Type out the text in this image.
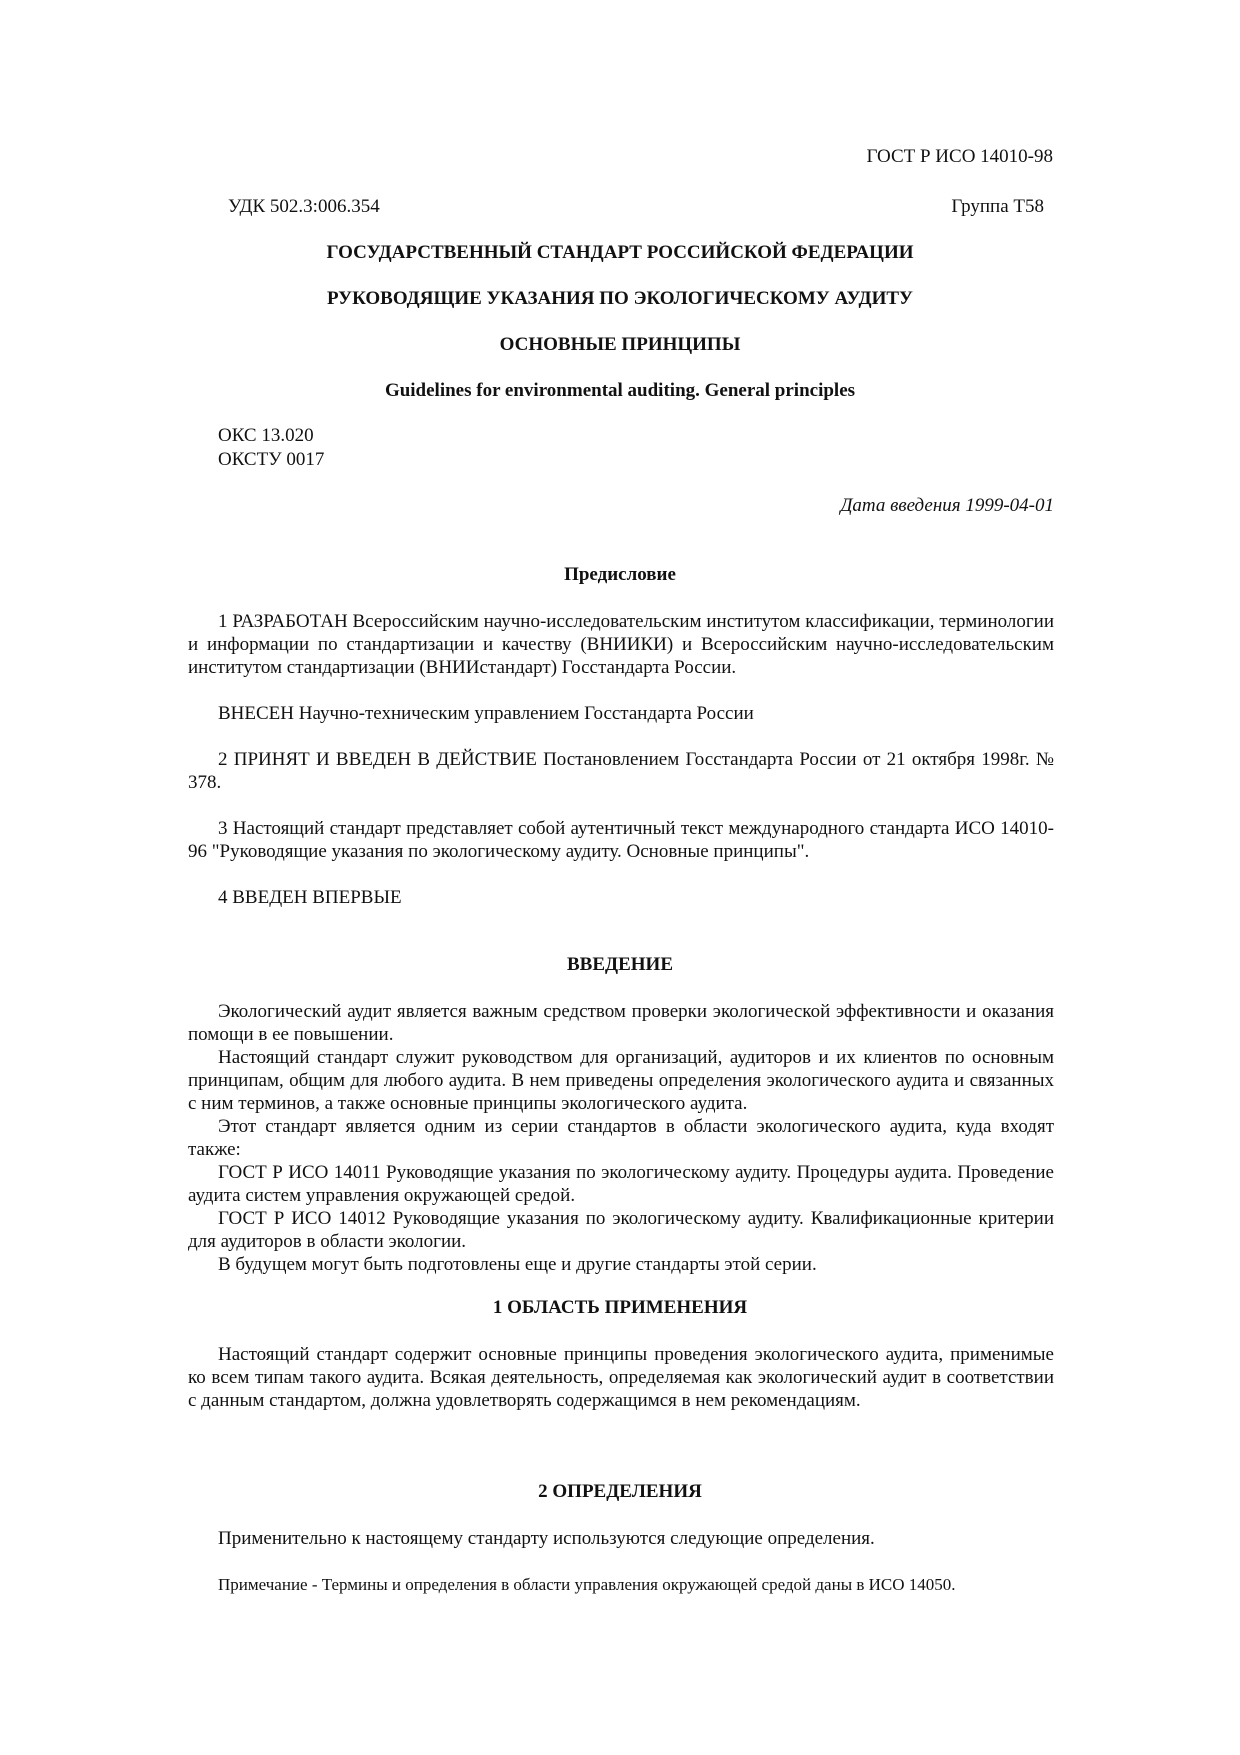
ГОСТ Р ИСО 14010-98
УДК 502.3:006.354	Группа Т58
ГОСУДАРСТВЕННЫЙ СТАНДАРТ РОССИЙСКОЙ ФЕДЕРАЦИИ
РУКОВОДЯЩИЕ УКАЗАНИЯ ПО ЭКОЛОГИЧЕСКОМУ АУДИТУ
ОСНОВНЫЕ ПРИНЦИПЫ
Guidelines for environmental auditing. General principles
ОКС 13.020
ОКСТУ 0017
Дата введения 1999-04-01
Предисловие
1 РАЗРАБОТАН Всероссийским научно-исследовательским институтом классификации, терминологии и информации по стандартизации и качеству (ВНИИКИ) и Всероссийским научно-исследовательским институтом стандартизации (ВНИИстандарт) Госстандарта России.
ВНЕСЕН Научно-техническим управлением Госстандарта России
2 ПРИНЯТ И ВВЕДЕН В ДЕЙСТВИЕ Постановлением Госстандарта России от 21 октября 1998г. № 378.
3 Настоящий стандарт представляет собой аутентичный текст международного стандарта ИСО 14010-96 "Руководящие указания по экологическому аудиту. Основные принципы".
4 ВВЕДЕН ВПЕРВЫЕ
ВВЕДЕНИЕ
Экологический аудит является важным средством проверки экологической эффективности и оказания помощи в ее повышении.
Настоящий стандарт служит руководством для организаций, аудиторов и их клиентов по основным принципам, общим для любого аудита. В нем приведены определения экологического аудита и связанных с ним терминов, а также основные принципы экологического аудита.
Этот стандарт является одним из серии стандартов в области экологического аудита, куда входят также:
ГОСТ Р ИСО 14011 Руководящие указания по экологическому аудиту. Процедуры аудита. Проведение аудита систем управления окружающей средой.
ГОСТ Р ИСО 14012 Руководящие указания по экологическому аудиту. Квалификационные критерии для аудиторов в области экологии.
В будущем могут быть подготовлены еще и другие стандарты этой серии.
1 ОБЛАСТЬ ПРИМЕНЕНИЯ
Настоящий стандарт содержит основные принципы проведения экологического аудита, применимые ко всем типам такого аудита. Всякая деятельность, определяемая как экологический аудит в соответствии с данным стандартом, должна удовлетворять содержащимся в нем рекомендациям.
2 ОПРЕДЕЛЕНИЯ
Применительно к настоящему стандарту используются следующие определения.
Примечание - Термины и определения в области управления окружающей средой даны в ИСО 14050.
